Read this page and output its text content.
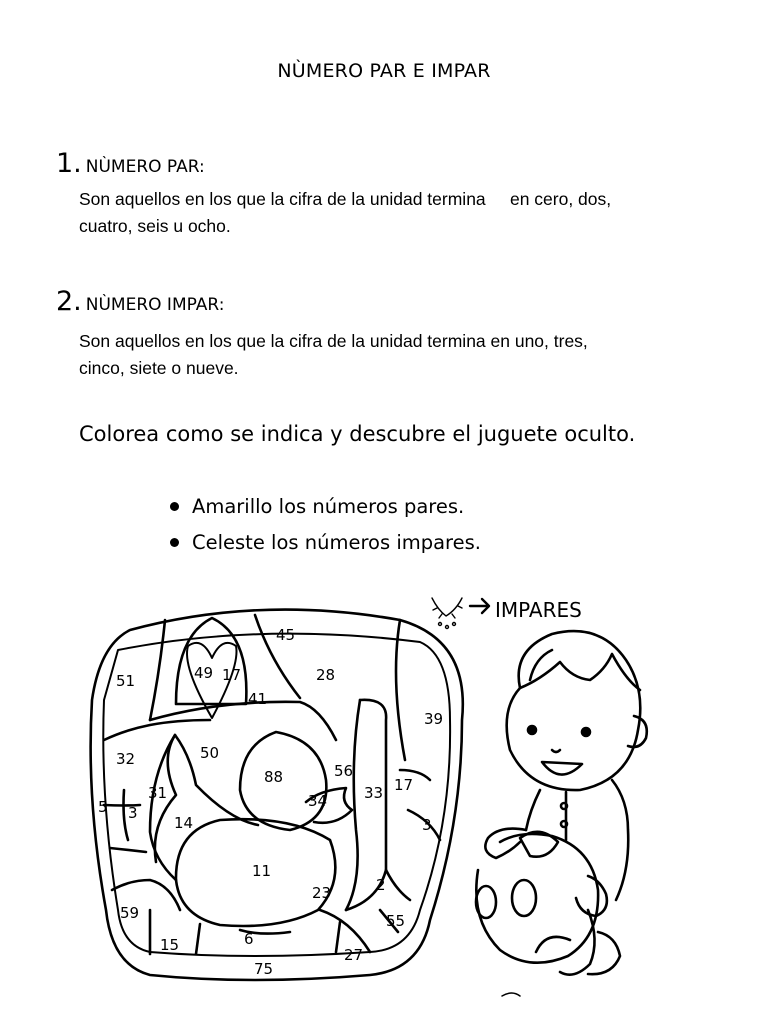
NÙMERO PAR E IMPAR
1. NÙMERO PAR:
Son aquellos en los que la cifra de la unidad termina     en cero, dos,
cuatro, seis u ocho.
2. NÙMERO IMPAR:
Son aquellos en los que la cifra de la unidad termina en uno, tres,
cinco, siete o nueve.
Colorea como se indica y descubre el juguete oculto.
Amarillo los números pares.
Celeste los números impares.
IMPARES
45
51	49 17
41
28
39
32	50
88	56
31
5 3
14
34 33 17
3
11
23	2
59	55
15	6
27
75
